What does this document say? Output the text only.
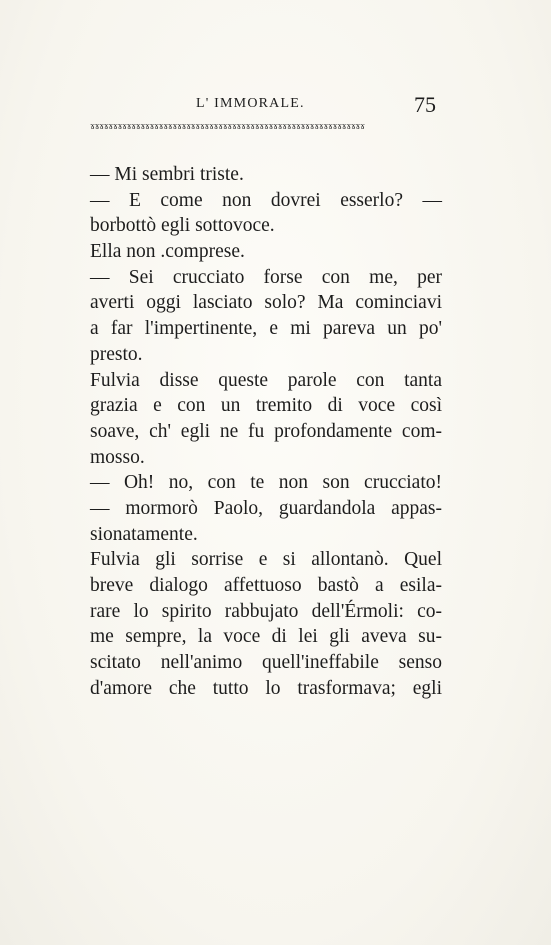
L' IMMORALE.	75
ɤɤɤɤɤɤɤɤɤɤɤɤɤɤɤɤɤɤɤɤɤɤɤɤɤɤɤɤɤɤɤɤɤɤɤɤɤɤɤɤɤɤɤɤɤɤɤɤɤɤɤɤɤɤɤɤɤɤɤɤ
— Mi sembri triste.
— E come non dovrei esserlo? —
borbottò egli sottovoce.
Ella non .comprese.
— Sei crucciato forse con me, per
averti oggi lasciato solo? Ma cominciavi
a far l'impertinente, e mi pareva un po'
presto.
Fulvia disse queste parole con tanta
grazia e con un tremito di voce così
soave, ch' egli ne fu profondamente com-
mosso.
— Oh! no, con te non son crucciato!
— mormorò Paolo, guardandola appas-
sionatamente.
Fulvia gli sorrise e si allontanò. Quel
breve dialogo affettuoso bastò a esila-
rare lo spirito rabbujato dell'Érmoli: co-
me sempre, la voce di lei gli aveva su-
scitato nell'animo quell'ineffabile senso
d'amore che tutto lo trasformava; egli
